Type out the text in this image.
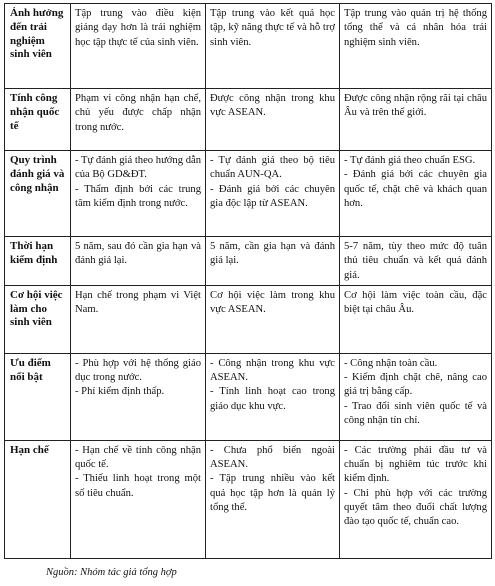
Ảnh hưởng đến trải nghiệm sinh viên	Tập trung vào điều kiện giảng dạy hơn là trải nghiệm học tập thực tế của sinh viên.	Tập trung vào kết quả học tập, kỹ năng thực tế và hỗ trợ sinh viên.	Tập trung vào quản trị hệ thống tổng thể và cá nhân hóa trải nghiệm sinh viên.

Tính công nhận quốc tế	Phạm vi công nhận hạn chế, chủ yếu được chấp nhận trong nước.	Được công nhận trong khu vực ASEAN.	Được công nhận rộng rãi tại châu Âu và trên thế giới.

Quy trình đánh giá và công nhận	- Tự đánh giá theo hướng dẫn của Bộ GD&ĐT.
- Thẩm định bởi các trung tâm kiểm định trong nước.	- Tự đánh giá theo bộ tiêu chuẩn AUN-QA.
- Đánh giá bởi các chuyên gia độc lập từ ASEAN.	- Tự đánh giá theo chuẩn ESG.
- Đánh giá bởi các chuyên gia quốc tế, chặt chẽ và khách quan hơn.

Thời hạn kiểm định	5 năm, sau đó cần gia hạn và đánh giá lại.	5 năm, cần gia hạn và đánh giá lại.	5-7 năm, tùy theo mức độ tuân thủ tiêu chuẩn và kết quả đánh giá.

Cơ hội việc làm cho sinh viên	Hạn chế trong phạm vi Việt Nam.	Cơ hội việc làm trong khu vực ASEAN.	Cơ hội làm việc toàn cầu, đặc biệt tại châu Âu.

Ưu điểm nổi bật	- Phù hợp với hệ thống giáo dục trong nước.
- Phí kiểm định thấp.	- Công nhận trong khu vực ASEAN.
- Tính linh hoạt cao trong giáo dục khu vực.	- Công nhận toàn cầu.
- Kiểm định chặt chẽ, nâng cao giá trị bằng cấp.
- Trao đổi sinh viên quốc tế và công nhận tín chỉ.

Hạn chế	- Hạn chế về tính công nhận quốc tế.
- Thiếu linh hoạt trong một số tiêu chuẩn.	- Chưa phổ biến ngoài ASEAN.
- Tập trung nhiều vào kết quả học tập hơn là quản lý tổng thể.	- Các trường phải đầu tư và chuẩn bị nghiêm túc trước khi kiểm định.
- Chỉ phù hợp với các trường quyết tâm theo đuổi chất lượng đào tạo quốc tế, chuẩn cao.
Nguồn: Nhóm tác giả tổng hợp
